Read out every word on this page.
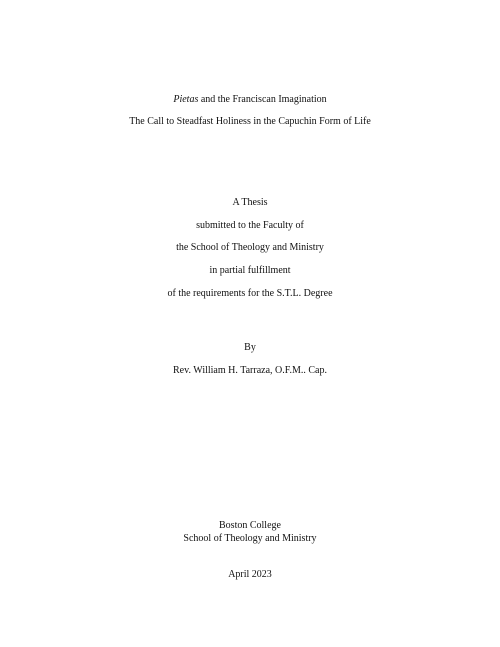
Pietas and the Franciscan Imagination
The Call to Steadfast Holiness in the Capuchin Form of Life
A Thesis
submitted to the Faculty of
the School of Theology and Ministry
in partial fulfillment
of the requirements for the S.T.L. Degree
By
Rev. William H. Tarraza, O.F.M.. Cap.
Boston College
School of Theology and Ministry
April 2023
